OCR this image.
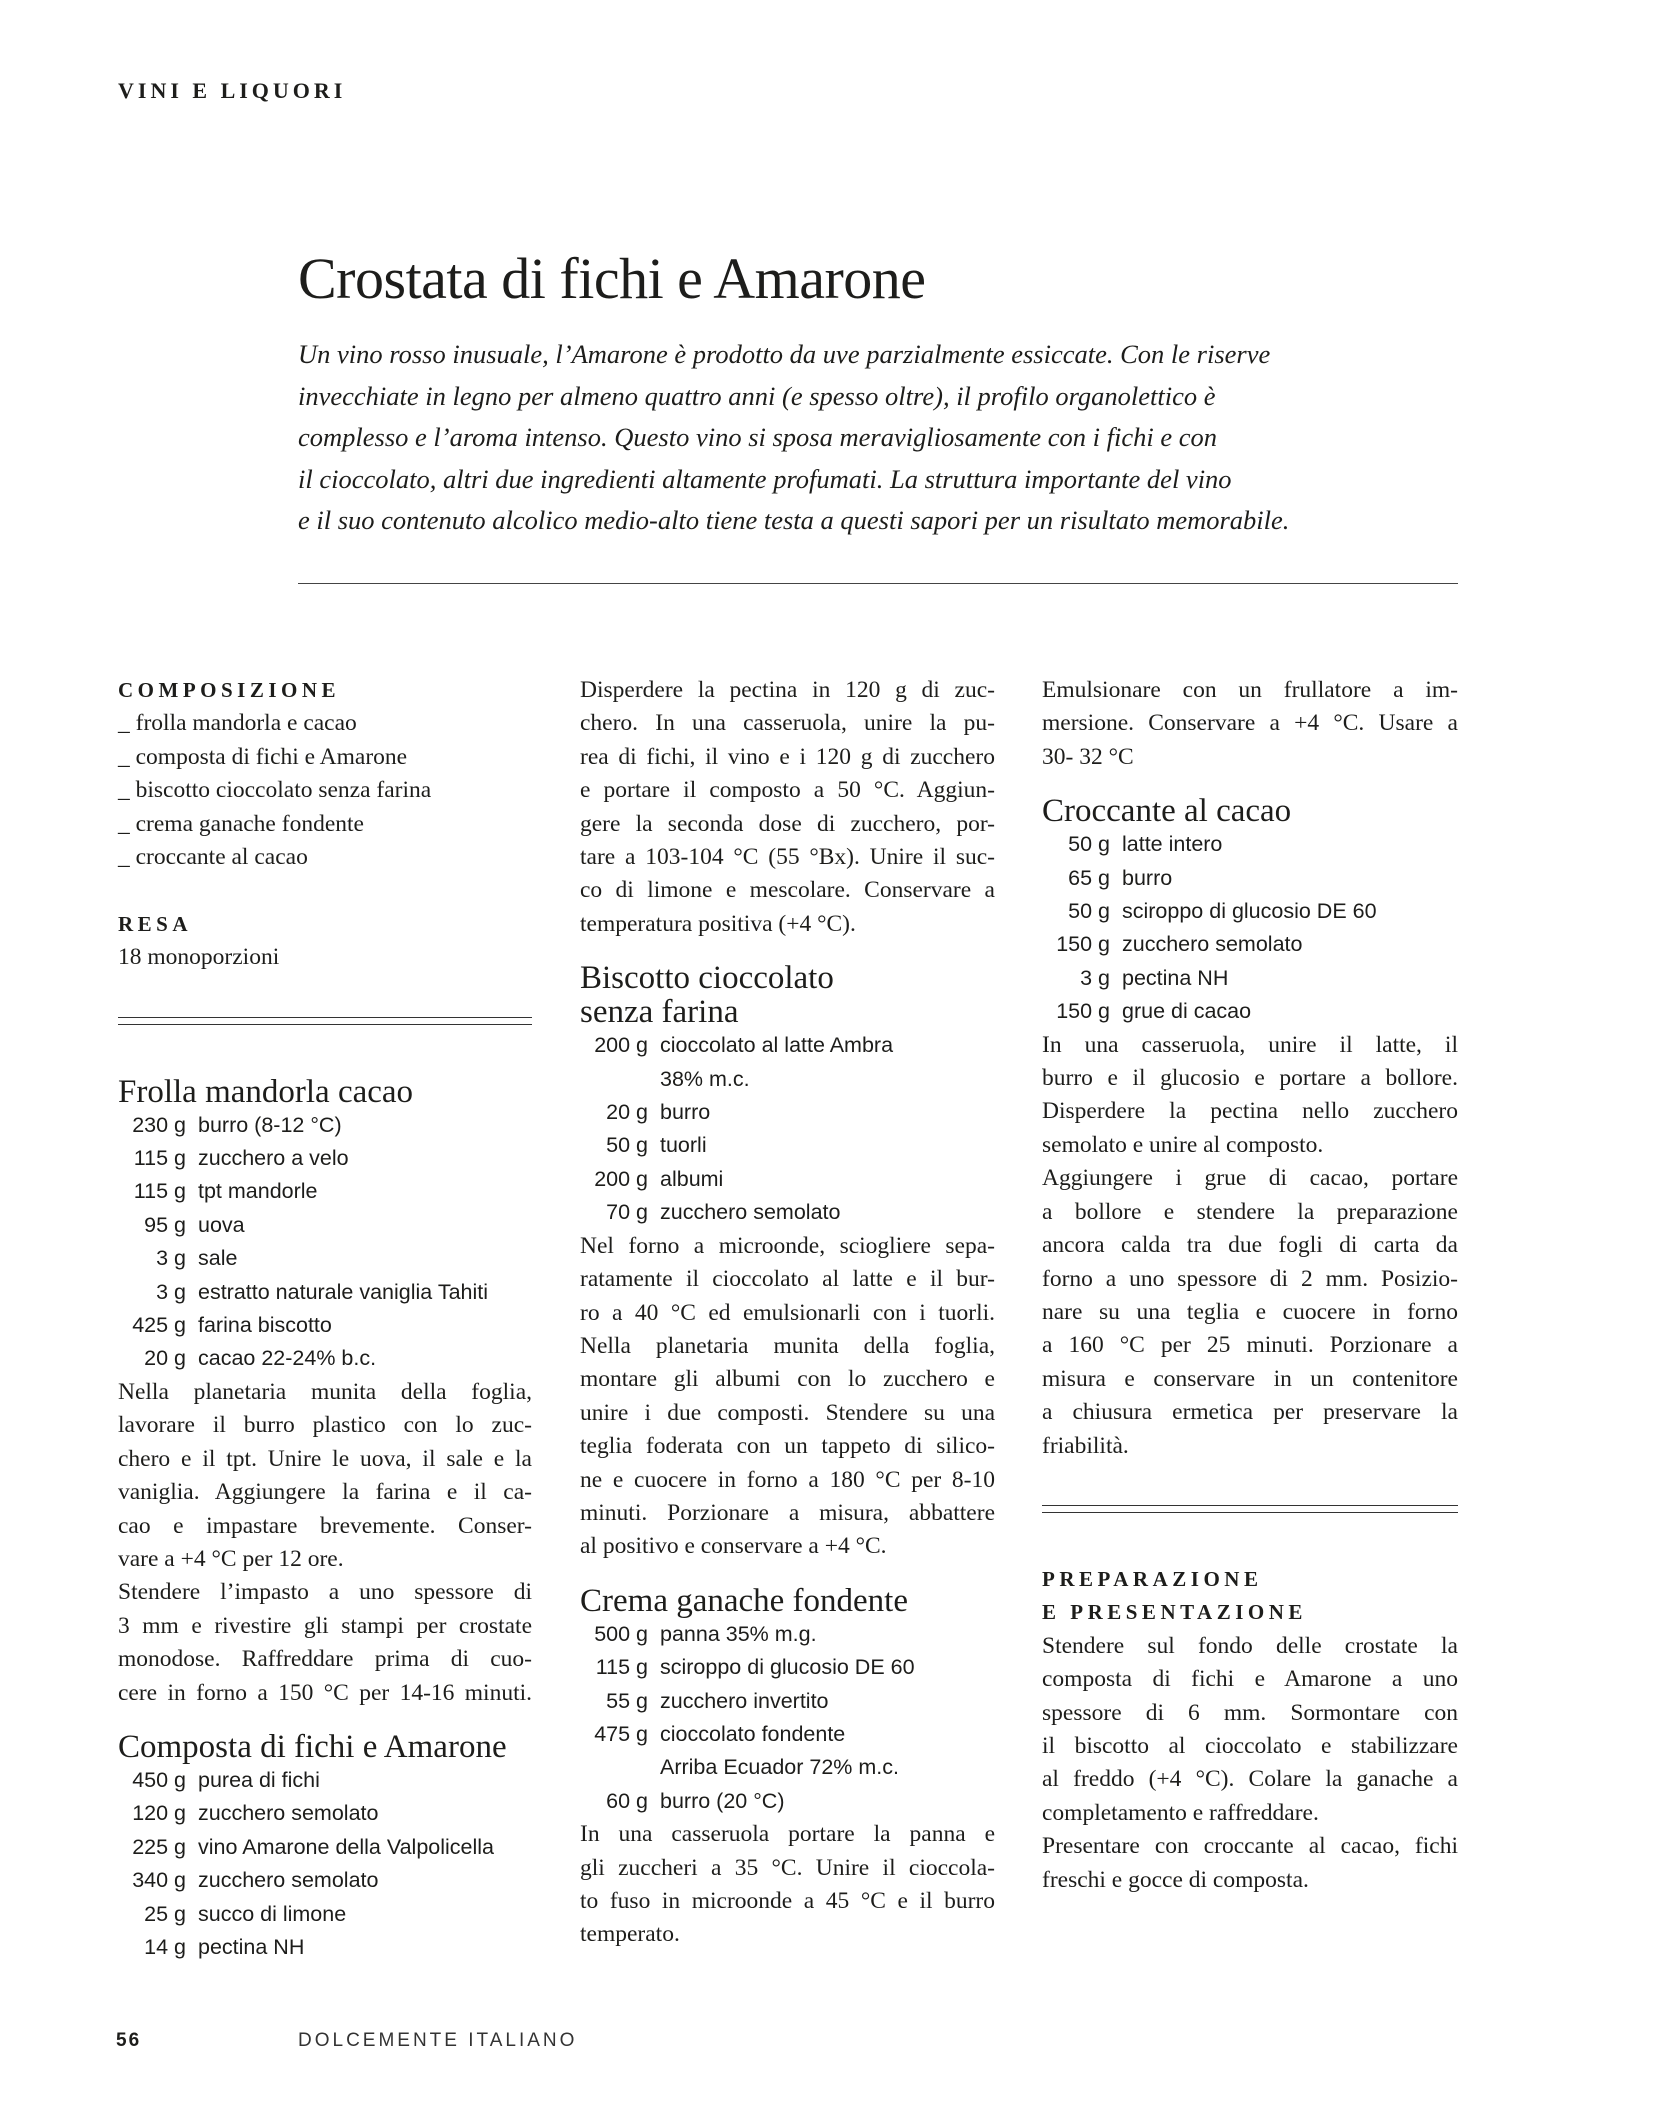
VINI E LIQUORI
Crostata di fichi e Amarone
Un vino rosso inusuale, l’Amarone è prodotto da uve parzialmente essiccate. Con le riserve
invecchiate in legno per almeno quattro anni (e spesso oltre), il profilo organolettico è
complesso e l’aroma intenso. Questo vino si sposa meravigliosamente con i fichi e con
il cioccolato, altri due ingredienti altamente profumati. La struttura importante del vino
e il suo contenuto alcolico medio-alto tiene testa a questi sapori per un risultato memorabile.
COMPOSIZIONE
_ frolla mandorla e cacao
_ composta di fichi e Amarone
_ biscotto cioccolato senza farina
_ crema ganache fondente
_ croccante al cacao
RESA
18 monoporzioni
Frolla mandorla cacao
230 g burro (8-12 °C)
115 g zucchero a velo
115 g tpt mandorle
95 g uova
3 g sale
3 g estratto naturale vaniglia Tahiti
425 g farina biscotto
20 g cacao 22-24% b.c.
Nella planetaria munita della foglia,
lavorare il burro plastico con lo zuc-
chero e il tpt. Unire le uova, il sale e la
vaniglia. Aggiungere la farina e il ca-
cao e impastare brevemente. Conser-
vare a +4 °C per 12 ore.
Stendere l’impasto a uno spessore di
3 mm e rivestire gli stampi per crostate
monodose. Raffreddare prima di cuo-
cere in forno a 150 °C per 14-16 minuti.
Composta di fichi e Amarone
450 g purea di fichi
120 g zucchero semolato
225 g vino Amarone della Valpolicella
340 g zucchero semolato
25 g succo di limone
14 g pectina NH
Disperdere la pectina in 120 g di zuc-
chero. In una casseruola, unire la pu-
rea di fichi, il vino e i 120 g di zucchero
e portare il composto a 50 °C. Aggiun-
gere la seconda dose di zucchero, por-
tare a 103-104 °C (55 °Bx). Unire il suc-
co di limone e mescolare. Conservare a
temperatura positiva (+4 °C).
Biscotto cioccolato
senza farina
200 g cioccolato al latte Ambra
38% m.c.
20 g burro
50 g tuorli
200 g albumi
70 g zucchero semolato
Nel forno a microonde, sciogliere sepa-
ratamente il cioccolato al latte e il bur-
ro a 40 °C ed emulsionarli con i tuorli.
Nella planetaria munita della foglia,
montare gli albumi con lo zucchero e
unire i due composti. Stendere su una
teglia foderata con un tappeto di silico-
ne e cuocere in forno a 180 °C per 8-10
minuti. Porzionare a misura, abbattere
al positivo e conservare a +4 °C.
Crema ganache fondente
500 g panna 35% m.g.
115 g sciroppo di glucosio DE 60
55 g zucchero invertito
475 g cioccolato fondente
Arriba Ecuador 72% m.c.
60 g burro (20 °C)
In una casseruola portare la panna e
gli zuccheri a 35 °C. Unire il cioccola-
to fuso in microonde a 45 °C e il burro
temperato.
Emulsionare con un frullatore a im-
mersione. Conservare a +4 °C. Usare a
30- 32 °C
Croccante al cacao
50 g latte intero
65 g burro
50 g sciroppo di glucosio DE 60
150 g zucchero semolato
3 g pectina NH
150 g grue di cacao
In una casseruola, unire il latte, il
burro e il glucosio e portare a bollore.
Disperdere la pectina nello zucchero
semolato e unire al composto.
Aggiungere i grue di cacao, portare
a bollore e stendere la preparazione
ancora calda tra due fogli di carta da
forno a uno spessore di 2 mm. Posizio-
nare su una teglia e cuocere in forno
a 160 °C per 25 minuti. Porzionare a
misura e conservare in un contenitore
a chiusura ermetica per preservare la
friabilità.
PREPARAZIONE
E PRESENTAZIONE
Stendere sul fondo delle crostate la
composta di fichi e Amarone a uno
spessore di 6 mm. Sormontare con
il biscotto al cioccolato e stabilizzare
al freddo (+4 °C). Colare la ganache a
completamento e raffreddare.
Presentare con croccante al cacao, fichi
freschi e gocce di composta.
56	DOLCEMENTE ITALIANO
